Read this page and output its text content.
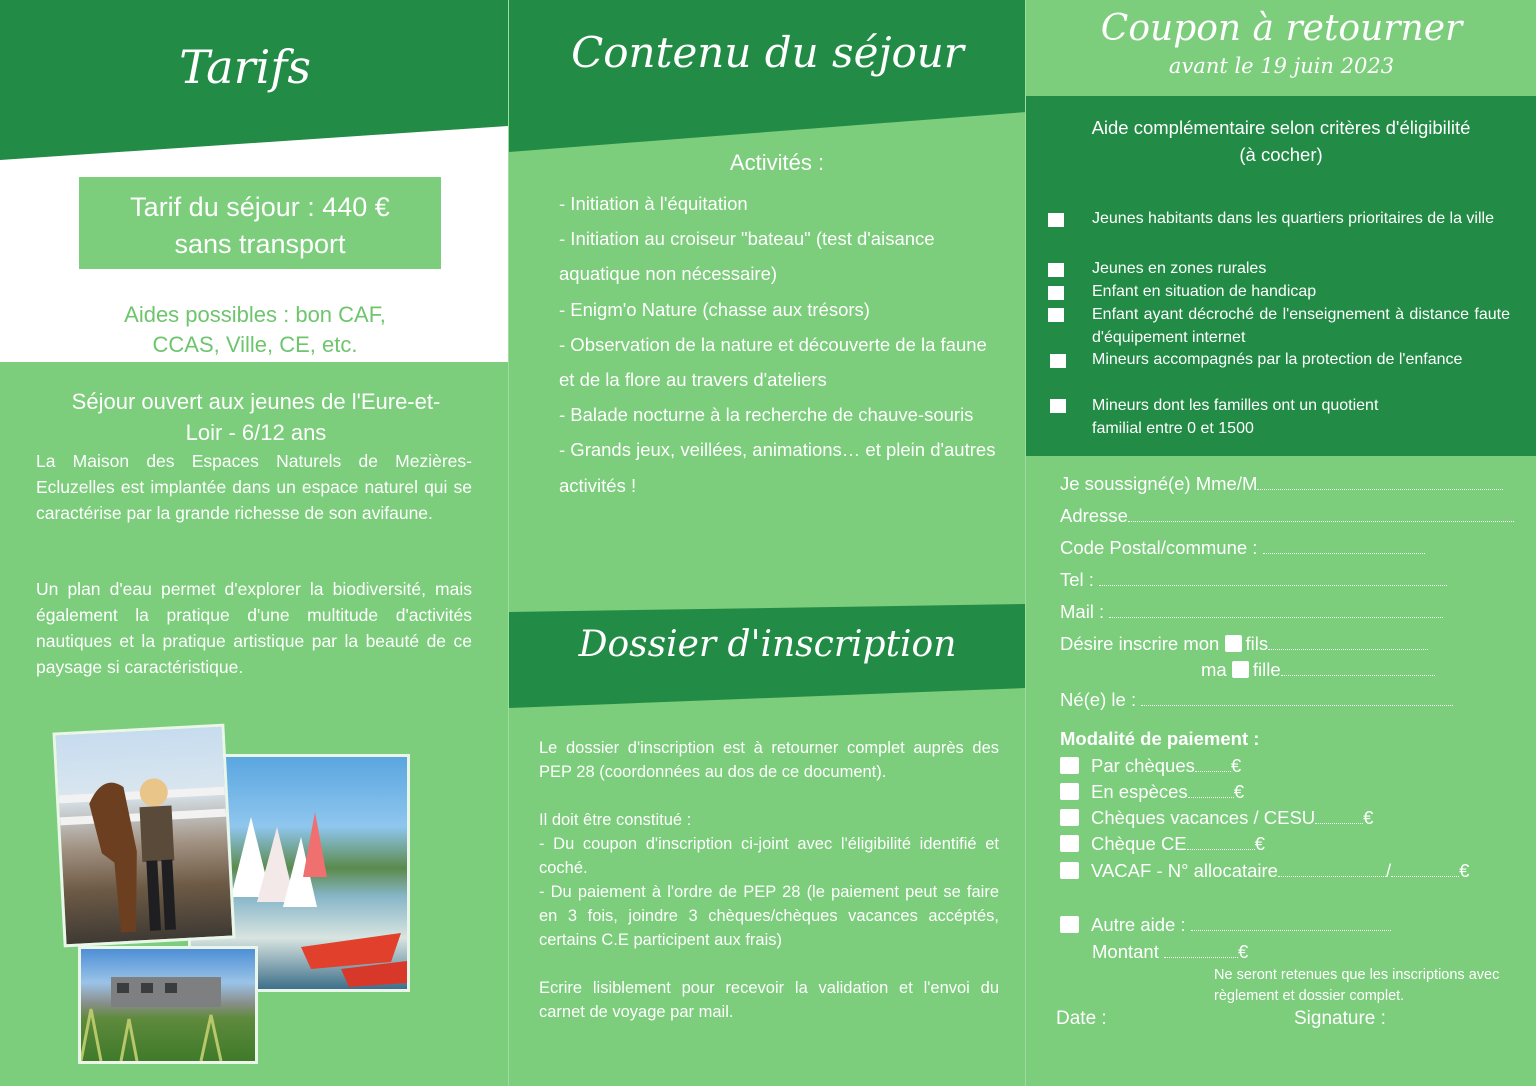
Tarifs
Tarif du séjour : 440 €
sans transport
Aides possibles : bon CAF,
CCAS, Ville, CE, etc.
Séjour ouvert aux jeunes de l'Eure-et-
Loir - 6/12 ans

La Maison des Espaces Naturels de Mezières-Ecluzelles est implantée dans un espace naturel qui se caractérise par la grande richesse de son avifaune.

Un plan d'eau permet d'explorer la biodiversité, mais également la pratique d'une multitude d'activités nautiques et la pratique artistique par la beauté de ce paysage si caractéristique.

Contenu du séjour
Activités :
- Initiation à l'équitation
- Initiation au croiseur "bateau" (test d'aisance aquatique non nécessaire)
- Enigm'o Nature (chasse aux trésors)
- Observation de la nature et découverte de la faune et de la flore au travers d'ateliers
- Balade nocturne à la recherche de chauve-souris
- Grands jeux, veillées, animations… et plein d'autres activités !
Dossier d'inscription

Le dossier d'inscription est à retourner complet auprès des PEP 28 (coordonnées au dos de ce document).

Il doit être constitué :
- Du coupon d'inscription ci-joint avec l'éligibilité identifié et coché.
- Du paiement à l'ordre de PEP 28 (le paiement peut se faire en 3 fois, joindre 3 chèques/chèques vacances accéptés, certains C.E participent aux frais)

Ecrire lisiblement pour recevoir la validation et l'envoi du carnet de voyage par mail.

Coupon à retourner
avant le 19 juin 2023
Aide complémentaire selon critères d'éligibilité
(à cocher)
Jeunes habitants dans les quartiers prioritaires de la ville
Jeunes en zones rurales
Enfant en situation de handicap
Enfant ayant décroché de l'enseignement à distance faute d'équipement internet
Mineurs accompagnés par la protection de l'enfance
Mineurs dont les familles ont un quotient familial entre 0 et 1500
Je soussigné(e) Mme/M
Adresse
Code Postal/commune :
Tel :
Mail :
Désire inscrire mon fils
ma fille
Né(e) le :
Modalité de paiement :
Par chèques €
En espèces €
Chèques vacances / CESU	€
Chèque CE	€
VACAF - N° allocataire	/	€
Autre aide :
Montant	€
Ne seront retenues que les inscriptions avec règlement et dossier complet.
Date :	Signature :
